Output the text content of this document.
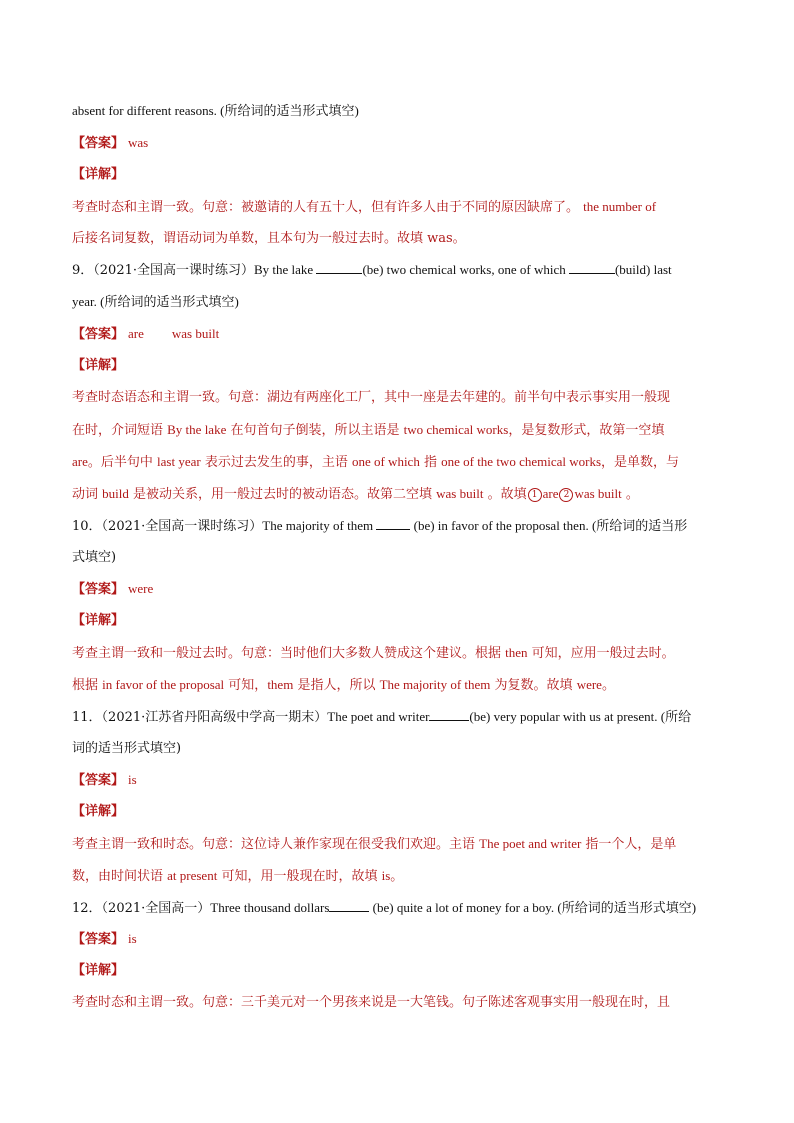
absent for different reasons. (所给词的适当形式填空)
【答案】 was
【详解】
考查时态和主谓一致。句意：被邀请的人有五十人，但有许多人由于不同的原因缺席了。 the number of
后接名词复数，谓语动词为单数，且本句为一般过去时。故填 was。
9．（2021·全国高一课时练习）By the lake	(be) two chemical works, one of which	(build) last
year. (所给词的适当形式填空)
【答案】 are was built
【详解】
考查时态语态和主谓一致。句意：湖边有两座化工厂，其中一座是去年建的。前半句中表示事实用一般现
在时，介词短语 By the lake 在句首句子倒装，所以主语是 two chemical works，是复数形式，故第一空填
are。后半句中 last year 表示过去发生的事，主语 one of which 指 one of the two chemical works，是单数，与
动词 build 是被动关系，用一般过去时的被动语态。故第二空填 was built 。故填 1 are 2 was built 。
10．（2021·全国高一课时练习）The majority of them	(be) in favor of the proposal then. (所给词的适当形
式填空)
【答案】 were
【详解】
考查主谓一致和一般过去时。句意：当时他们大多数人赞成这个建议。根据 then 可知，应用一般过去时。
根据 in favor of the proposal 可知，them 是指人，所以 The majority of them 为复数。故填 were。
11．（2021·江苏省丹阳高级中学高一期末）The poet and writer	(be) very popular with us at present. (所给
词的适当形式填空)
【答案】 is
【详解】
考查主谓一致和时态。句意：这位诗人兼作家现在很受我们欢迎。主语 The poet and writer 指一个人，是单
数，由时间状语 at present 可知，用一般现在时，故填 is。
12．（2021·全国高一）Three thousand dollars	(be) quite a lot of money for a boy. (所给词的适当形式填空)
【答案】 is
【详解】
考查时态和主谓一致。句意：三千美元对一个男孩来说是一大笔钱。句子陈述客观事实用一般现在时，且
